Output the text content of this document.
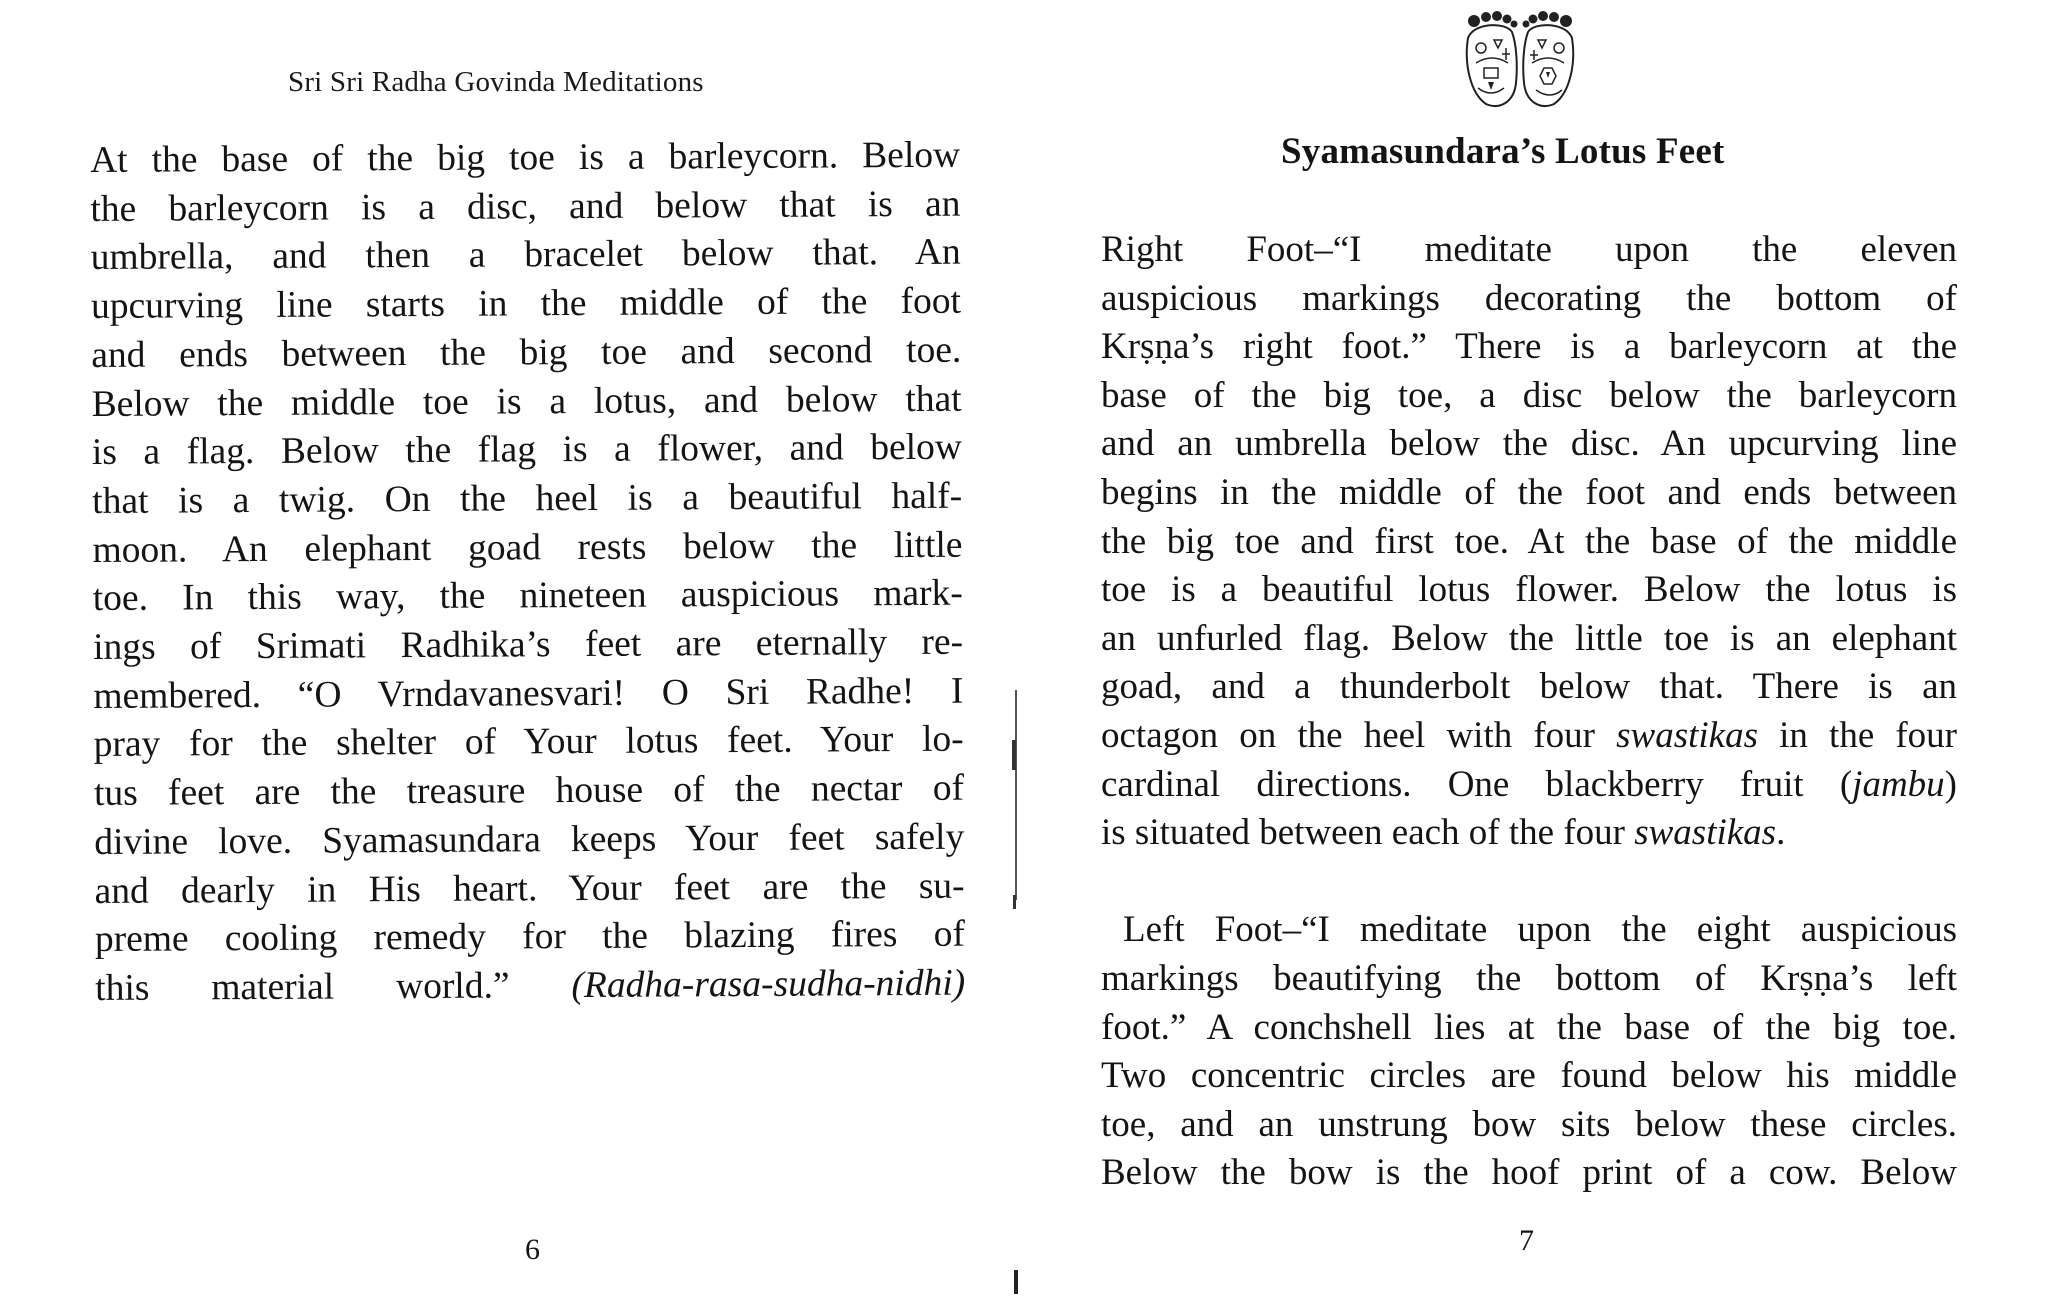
Sri Sri Radha Govinda Meditations
At the base of the big toe is a barleycorn. Below
the barleycorn is a disc, and below that is an
umbrella, and then a bracelet below that. An
upcurving line starts in the middle of the foot
and ends between the big toe and second toe.
Below the middle toe is a lotus, and below that
is a flag. Below the flag is a flower, and below
that is a twig. On the heel is a beautiful half-
moon. An elephant goad rests below the little
toe. In this way, the nineteen auspicious mark-
ings of Srimati Radhika’s feet are eternally re-
membered. “O Vrndavanesvari! O Sri Radhe! I
pray for the shelter of Your lotus feet. Your lo-
tus feet are the treasure house of the nectar of
divine love. Syamasundara keeps Your feet safely
and dearly in His heart. Your feet are the su-
preme cooling remedy for the blazing fires of
this material world.” (Radha-rasa-sudha-nidhi)
6
Syamasundara’s Lotus Feet
Right Foot–“I meditate upon the eleven
auspicious markings decorating the bottom of
Krṣṇa’s right foot.” There is a barleycorn at the
base of the big toe, a disc below the barleycorn
and an umbrella below the disc. An upcurving line
begins in the middle of the foot and ends between
the big toe and first toe. At the base of the middle
toe is a beautiful lotus flower. Below the lotus is
an unfurled flag. Below the little toe is an elephant
goad, and a thunderbolt below that. There is an
octagon on the heel with four swastikas in the four
cardinal directions. One blackberry fruit (jambu)
is situated between each of the four swastikas.
Left Foot–“I meditate upon the eight auspicious
markings beautifying the bottom of Krṣṇa’s left
foot.” A conchshell lies at the base of the big toe.
Two concentric circles are found below his middle
toe, and an unstrung bow sits below these circles.
Below the bow is the hoof print of a cow. Below
7
